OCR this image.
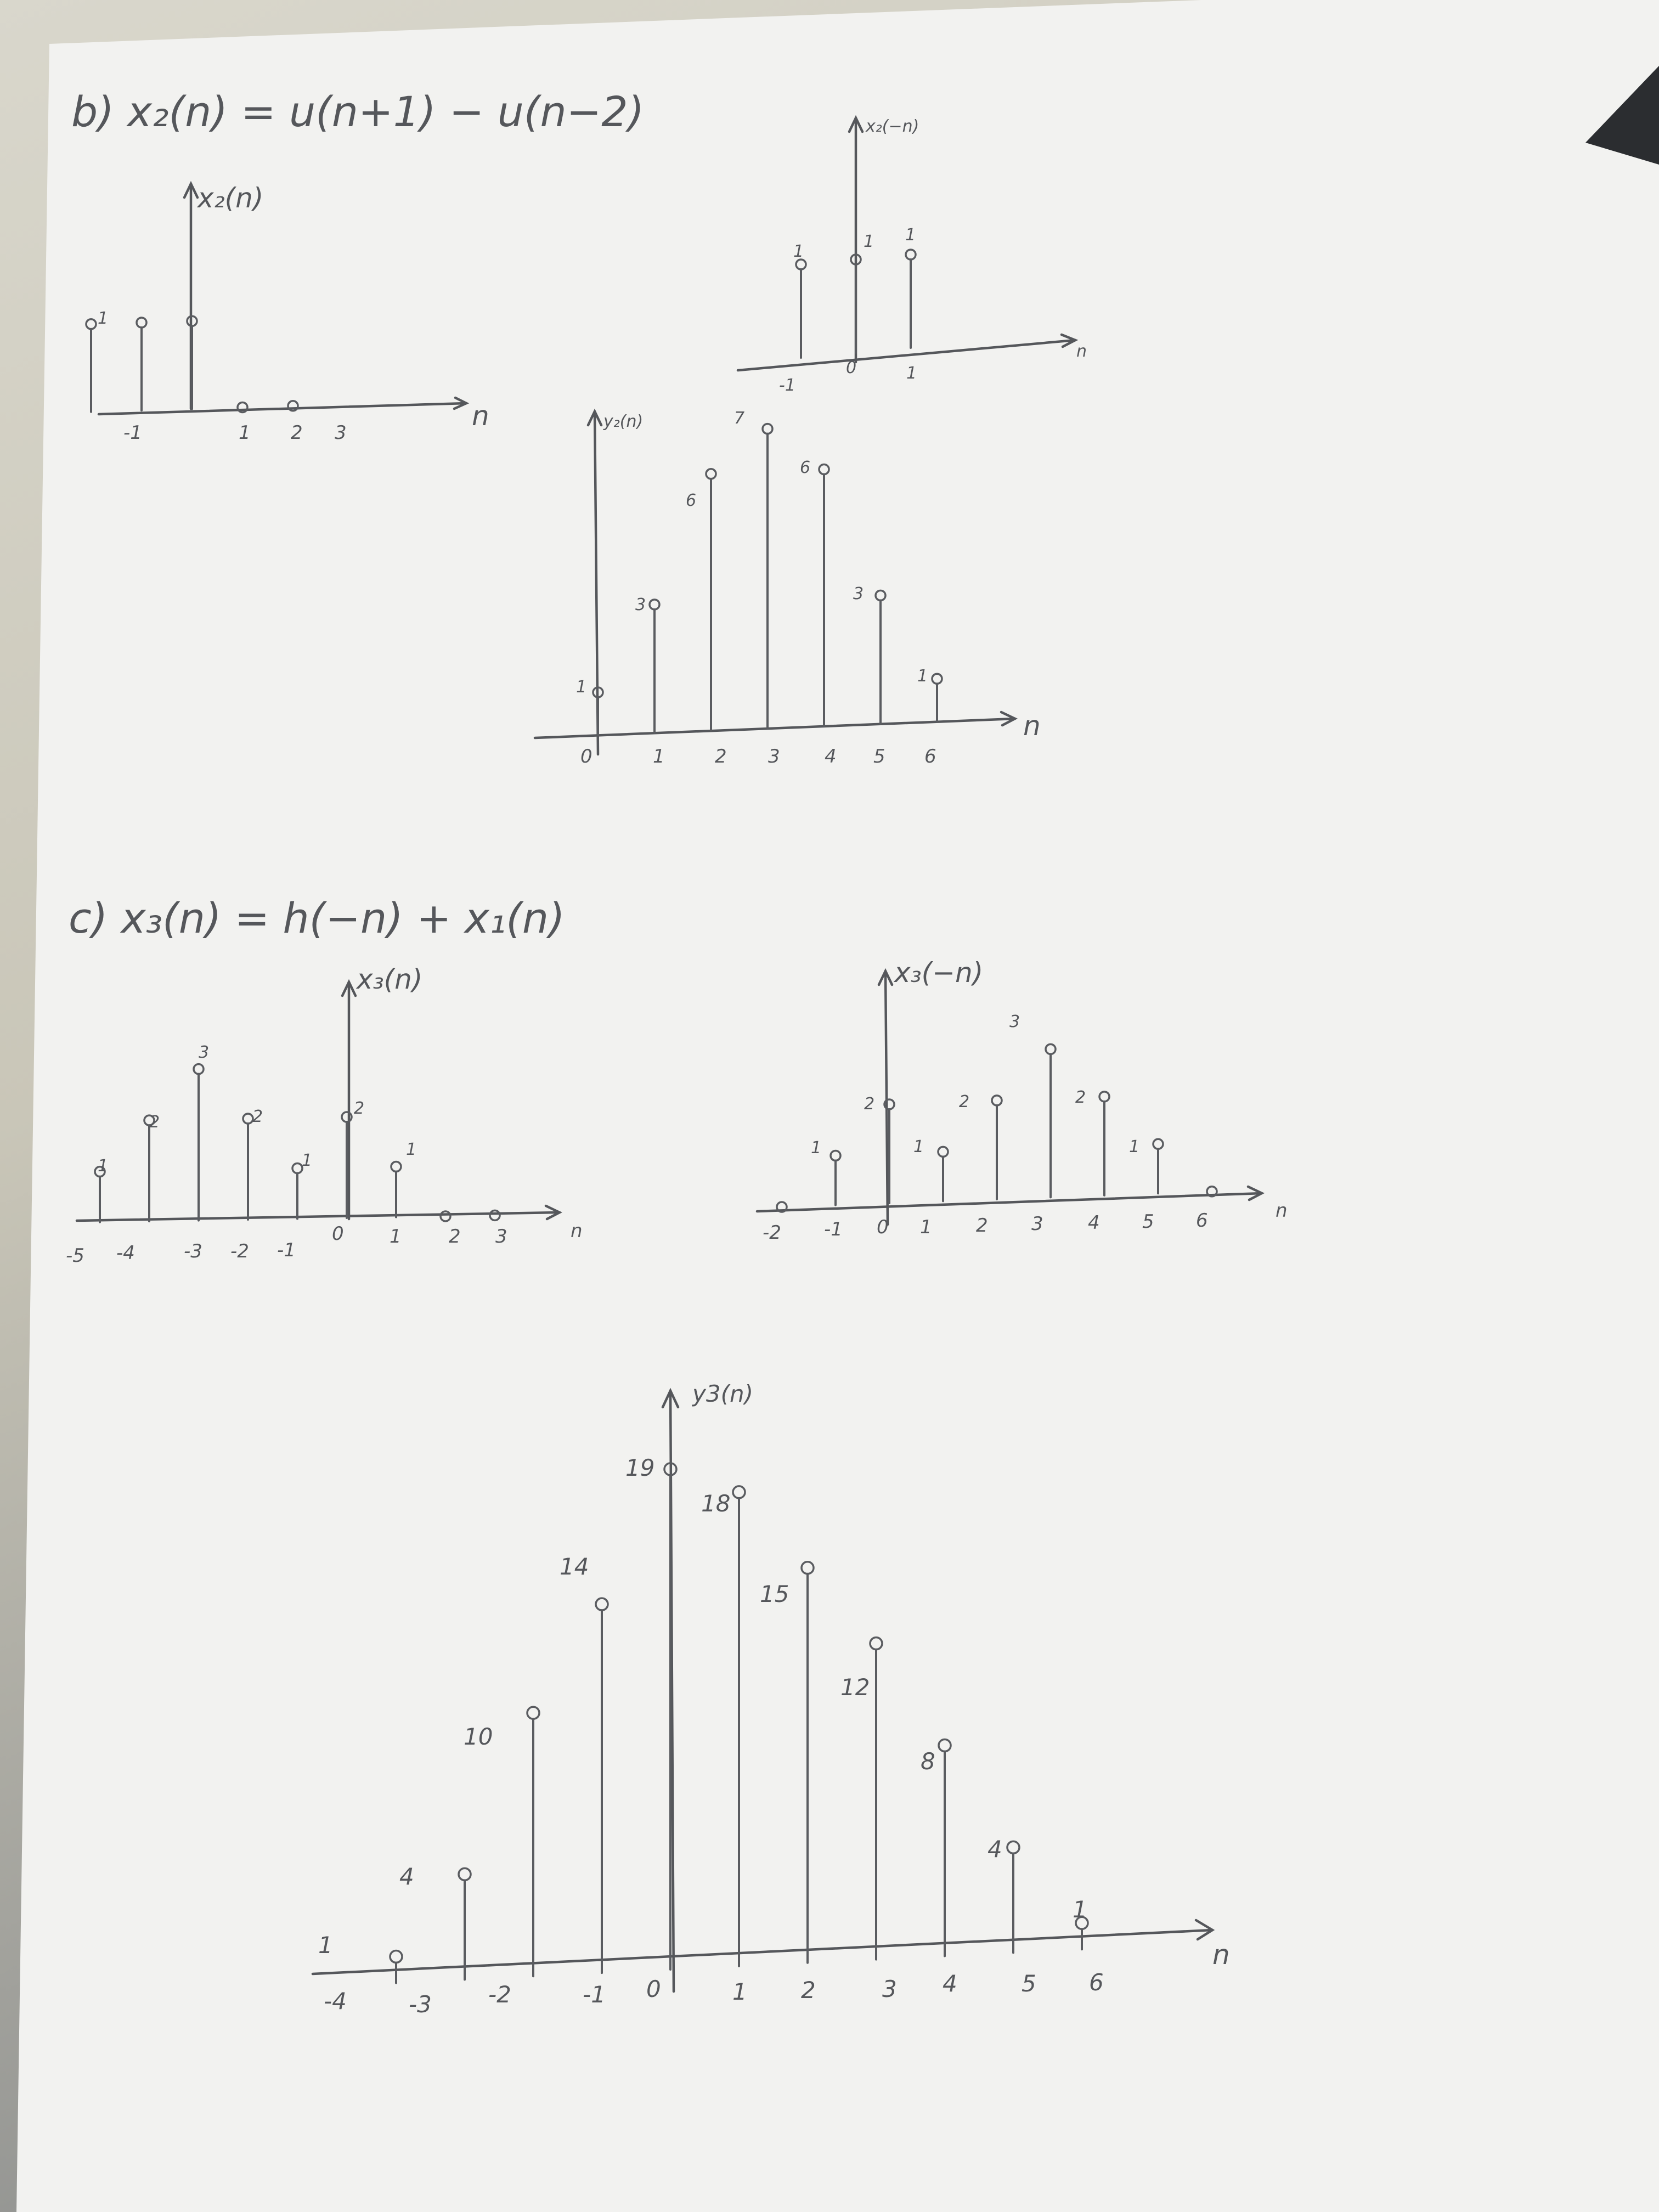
b) x₂(n) = u(n+1) − u(n−2)
c) x₃(n) = h(−n) + x₁(n)
x₂(n)
n
-1	1 2 3
1
x₂(−n)
n
-1
0	1
1
1 1
y₂(n)
n
0	1	2 3 4 5 6
1
3
6
7
6
3
1
x₃(n)
n
-5 -4	-3 -2 -1
0 1	2 3
1
2
3
2
1
2
1
x₃(−n)
n
-2 -1 0 1 2 3 4 5 6
1
2
1
2
3
2
1
y3(n)
n
-4	-3 -2	-1 0	1 2	3 4	5 6
1
4
10
14
19
18
15
12
8
4
1
